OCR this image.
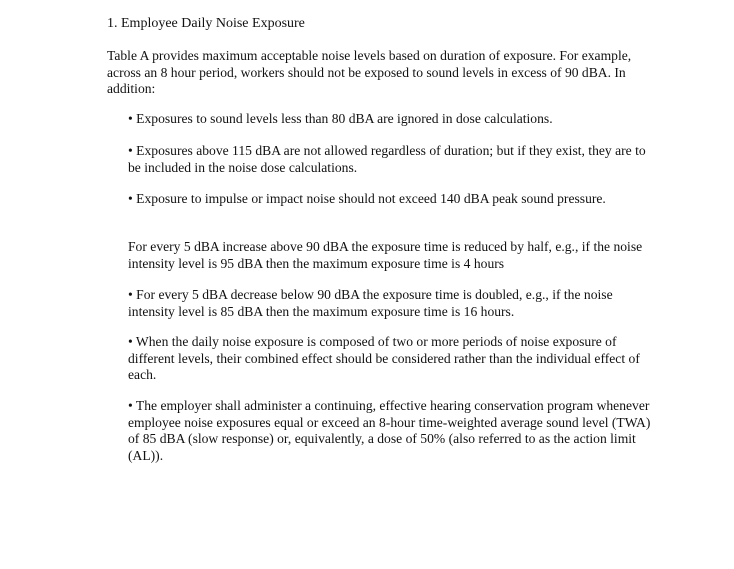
1. Employee Daily Noise Exposure
Table A provides maximum acceptable noise levels based on duration of exposure. For example, across an 8 hour period, workers should not be exposed to sound levels in excess of 90 dBA. In addition:
• Exposures to sound levels less than 80 dBA are ignored in dose calculations.
• Exposures above 115 dBA are not allowed regardless of duration; but if they exist, they are to be included in the noise dose calculations.
• Exposure to impulse or impact noise should not exceed 140 dBA peak sound pressure.
For every 5 dBA increase above 90 dBA the exposure time is reduced by half, e.g., if the noise intensity level is 95 dBA then the maximum exposure time is 4 hours
• For every 5 dBA decrease below 90 dBA the exposure time is doubled, e.g., if the noise intensity level is 85 dBA then the maximum exposure time is 16 hours.
• When the daily noise exposure is composed of two or more periods of noise exposure of different levels, their combined effect should be considered rather than the individual effect of each.
• The employer shall administer a continuing, effective hearing conservation program whenever employee noise exposures equal or exceed an 8-hour time-weighted average sound level (TWA) of 85 dBA (slow response) or, equivalently, a dose of 50% (also referred to as the action limit (AL)).
